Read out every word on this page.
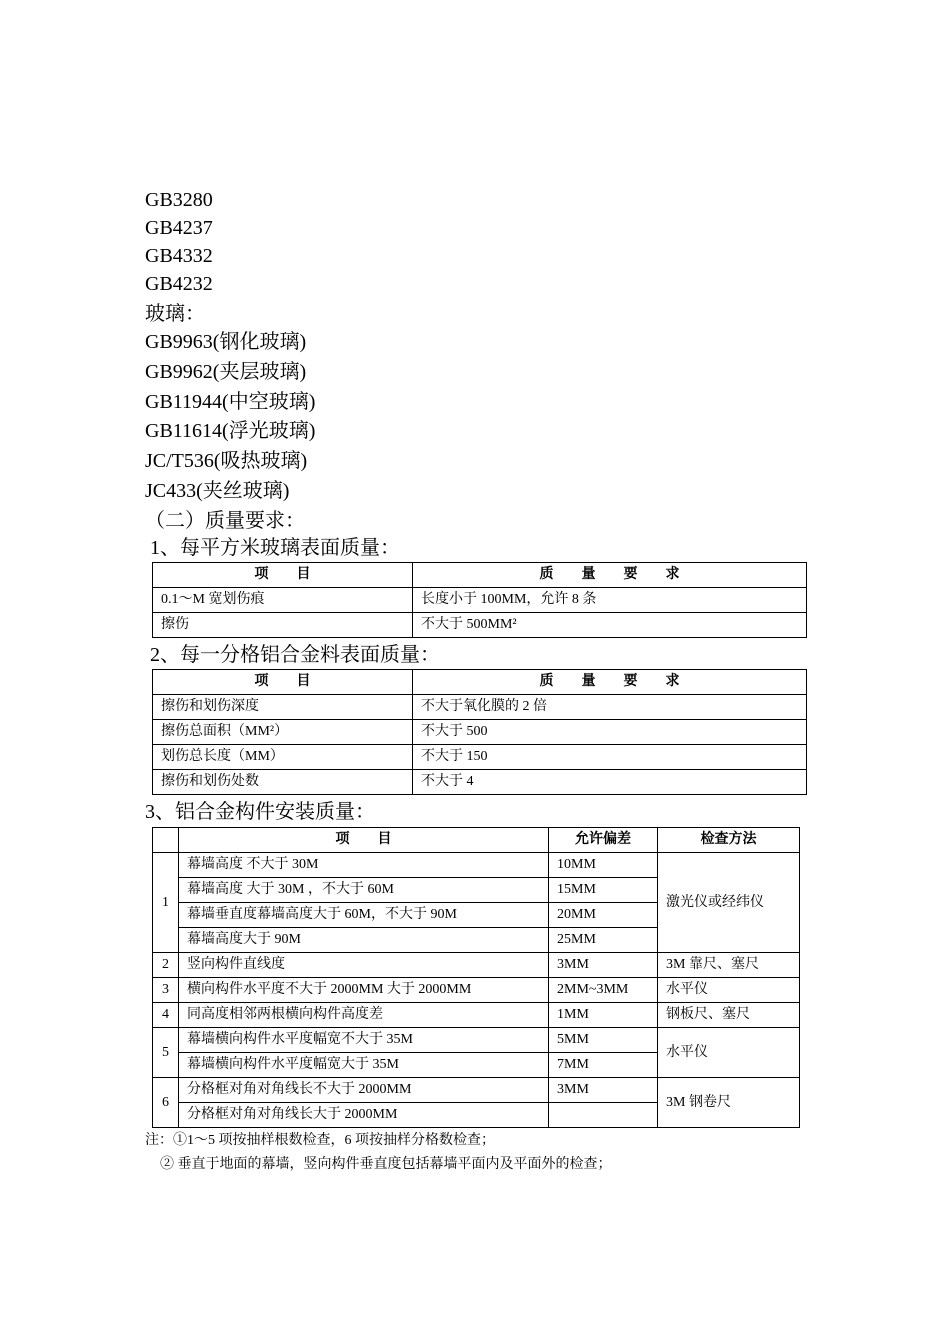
GB3280
GB4237
GB4332
GB4232
玻璃：
GB9963(钢化玻璃)
GB9962(夹层玻璃)
GB11944(中空玻璃)
GB11614(浮光玻璃)
JC/T536(吸热玻璃)
JC433(夹丝玻璃)
（二）质量要求：
1、每平方米玻璃表面质量：
项　　目	质　　量　　要　　求
0.1～M 宽划伤痕	长度小于 100MM，允许 8 条
擦伤	不大于 500MM²
2、每一分格铝合金料表面质量：
项　　目	质　　量　　要　　求
擦伤和划伤深度	不大于氧化膜的 2 倍
擦伤总面积（MM²）	不大于 500
划伤总长度（MM）	不大于 150
擦伤和划伤处数	不大于 4
3、铝合金构件安装质量：
	项　　目	允许偏差	检查方法
1	幕墙高度 不大于 30M	10MM	激光仪或经纬仪
	幕墙高度 大于 30M ，不大于 60M	15MM	
	幕墙垂直度幕墙高度大于 60M，不大于 90M	20MM	
	幕墙高度大于 90M	25MM	
2	竖向构件直线度	3MM	3M 靠尺、塞尺
3	横向构件水平度不大于 2000MM 大于 2000MM	2MM~3MM	水平仪
4	同高度相邻两根横向构件高度差	1MM	钢板尺、塞尺
5	幕墙横向构件水平度幅宽不大于 35M	5MM	水平仪
	幕墙横向构件水平度幅宽大于 35M	7MM	
6	分格框对角对角线长不大于 2000MM	3MM	3M 钢卷尺
	分格框对角对角线长大于 2000MM		
注：①1～5 项按抽样根数检查，6 项按抽样分格数检查；
② 垂直于地面的幕墙，竖向构件垂直度包括幕墙平面内及平面外的检查；
